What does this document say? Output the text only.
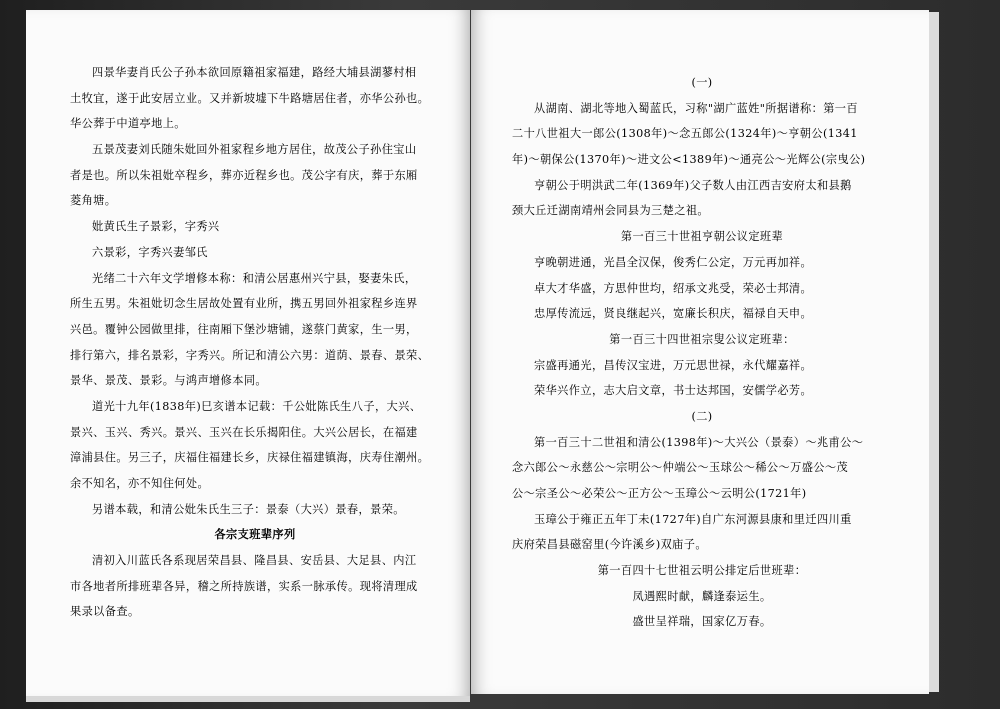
四景华妻肖氏公子孙本欲回原籍祖家福建，路经大埔县湖蓼村相
土牧宜，遂于此安居立业。又并新坡墟下牛路塘居住者，亦华公孙也。
华公葬于中道亭地上。
五景茂妻刘氏随朱妣回外祖家程乡地方居住，故茂公子孙住宝山
者是也。所以朱祖妣卒程乡，葬亦近程乡也。茂公字有庆，葬于东厢
菱角塘。
妣黄氏生子景彩，字秀兴
六景彩，字秀兴妻邹氏
光绪二十六年文学增修本称：和清公居惠州兴宁县，娶妻朱氏，
所生五男。朱祖妣切念生居故处置有业所，携五男回外祖家程乡连界
兴邑。覆钟公园做里排，往南厢下堡沙塘铺，遂蔡门黄家，生一男，
排行第六，排名景彩，字秀兴。所记和清公六男：道荫、景春、景荣、
景华、景茂、景彩。与鸿声增修本同。
道光十九年(1838年)巳亥谱本记载：千公妣陈氏生八子，大兴、
景兴、玉兴、秀兴。景兴、玉兴在长乐揭阳住。大兴公居长，在福建
漳浦县住。另三子，庆福住福建长乡，庆禄住福建镇海，庆寿住潮州。
余不知名，亦不知住何处。
另谱本载，和清公妣朱氏生三子：景泰（大兴）景春，景荣。
各宗支班辈序列
清初入川蓝氏各系现居荣昌县、隆昌县、安岳县、大足县、内江
市各地者所排班辈各异，稽之所持族谱，实系一脉承传。现将清理成
果录以备查。
(一)
从湖南、湖北等地入蜀蓝氏，习称"湖广蓝姓"所据谱称：第一百
二十八世祖大一郎公(1308年)～念五郎公(1324年)～亨朝公(1341
年)～朝保公(1370年)～进文公<1389年)～通亮公～光辉公(宗曳公)
亨朝公于明洪武二年(1369年)父子数人由江西吉安府太和县鹅
颈大丘迁湖南靖州会同县为三楚之祖。
第一百三十世祖亨朝公议定班辈
亨晚朝进通，光昌全汉保，俊秀仁公定，万元再加祥。
卓大才华盛，方思仲世均，绍承文兆受，荣必士邦清。
忠厚传流远，贤良继起兴，宽廉长积庆，福禄自天申。
第一百三十四世祖宗叟公议定班辈：
宗盛再通光，昌传汉宝进，万元思世禄，永代耀嘉祥。
荣华兴作立，志大启文章，书士达邦国，安儒学必芳。
(二)
第一百三十二世祖和清公(1398年)～大兴公（景泰）～兆甫公～
念六郎公～永慈公～宗明公～仲端公～玉球公～稀公～万盛公～茂
公～宗圣公～必荣公～正方公～玉璋公～云明公(1721年)
玉璋公于雍正五年丁未(1727年)自广东河源县康和里迁四川重
庆府荣昌县磁窑里(今许溪乡)双庙子。
第一百四十七世祖云明公排定后世班辈：
凤遇熙时献，麟逢泰运生。
盛世呈祥瑞，国家亿万春。
